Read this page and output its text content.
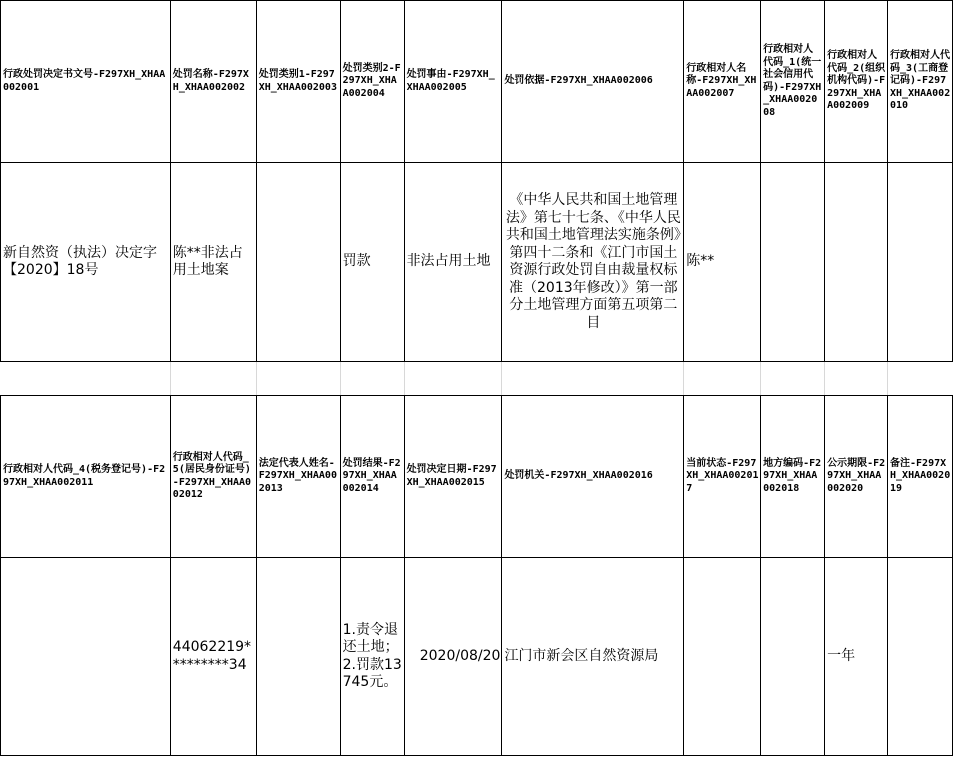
行政处罚决定书文号-F297XH_XHAA002001	处罚名称-F297XH_XHAA002002	处罚类别1-F297XH_XHAA002003	处罚类别2-F297XH_XHAA002004	处罚事由-F297XH_XHAA002005	处罚依据-F297XH_XHAA002006	行政相对人名称-F297XH_XHAA002007	行政相对人代码_1(统一社会信用代码)-F297XH_XHAA002008	行政相对人代码_2(组织机构代码)-F297XH_XHAA002009	行政相对人代码_3(工商登记码)-F297XH_XHAA002010
新自然资（执法）决定字【2020】18号	陈**非法占用土地案		罚款	非法占用土地	《中华人民共和国土地管理法》第七十七条、《中华人民共和国土地管理法实施条例》第四十二条和《江门市国土资源行政处罚自由裁量权标准（2013年修改）》第一部分土地管理方面第五项第二目	陈**			

行政相对人代码_4(税务登记号)-F297XH_XHAA002011	行政相对人代码_5(居民身份证号)-F297XH_XHAA002012	法定代表人姓名-F297XH_XHAA002013	处罚结果-F297XH_XHAA002014	处罚决定日期-F297XH_XHAA002015	处罚机关-F297XH_XHAA002016	当前状态-F297XH_XHAA002017	地方编码-F297XH_XHAA002018	公示期限-F297XH_XHAA002020	备注-F297XH_XHAA002019
	44062219*********34		1.责令退还土地；2.罚款13745元。	2020/08/20	江门市新会区自然资源局			一年	
